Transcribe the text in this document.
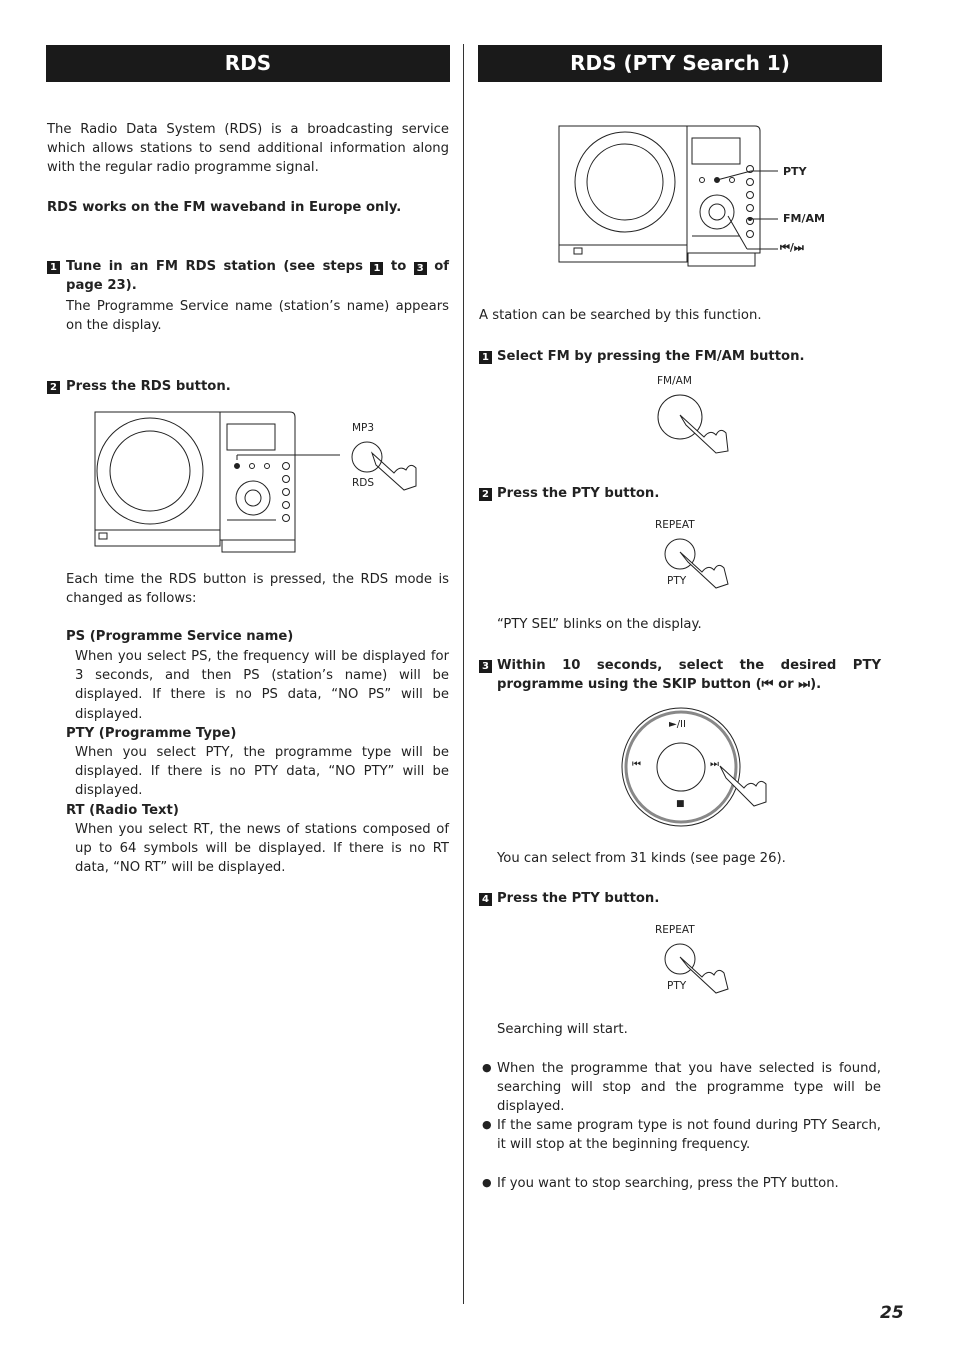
RDS	RDS (PTY Search 1)
The Radio Data System (RDS) is a broadcasting service which allows stations to send additional information along with the regular radio programme signal.
RDS works on the FM waveband in Europe only.
1 Tune in an FM RDS station (see steps 1 to 3 of page 23).
The Programme Service name (station’s name) appears on the display.
2 Press the RDS button.
MP3
RDS
Each time the RDS button is pressed, the RDS mode is changed as follows:
PS (Programme Service name)
When you select PS, the frequency will be displayed for 3 seconds, and then PS (station’s name) will be displayed. If there is no PS data, “NO PS” will be displayed.
PTY (Programme Type)
When you select PTY, the programme type will be displayed. If there is no PTY data, “NO PTY” will be displayed.
RT (Radio Text)
When you select RT, the news of stations composed of up to 64 symbols will be displayed. If there is no RT data, “NO RT” will be displayed.
PTY
FM/AM
⏮/⏭
A station can be searched by this function.
1 Select FM by pressing the FM/AM button.
FM/AM
2 Press the PTY button.
REPEAT
PTY
“PTY SEL” blinks on the display.
3 Within 10 seconds, select the desired PTY programme using the SKIP button (⏮ or ⏭).
►/II
⏮	⏭
■
You can select from 31 kinds (see page 26).
4 Press the PTY button.
REPEAT
PTY
Searching will start.
● When the programme that you have selected is found, searching will stop and the programme type will be displayed.
● If the same program type is not found during PTY Search, it will stop at the beginning frequency.
● If you want to stop searching, press the PTY button.
25
